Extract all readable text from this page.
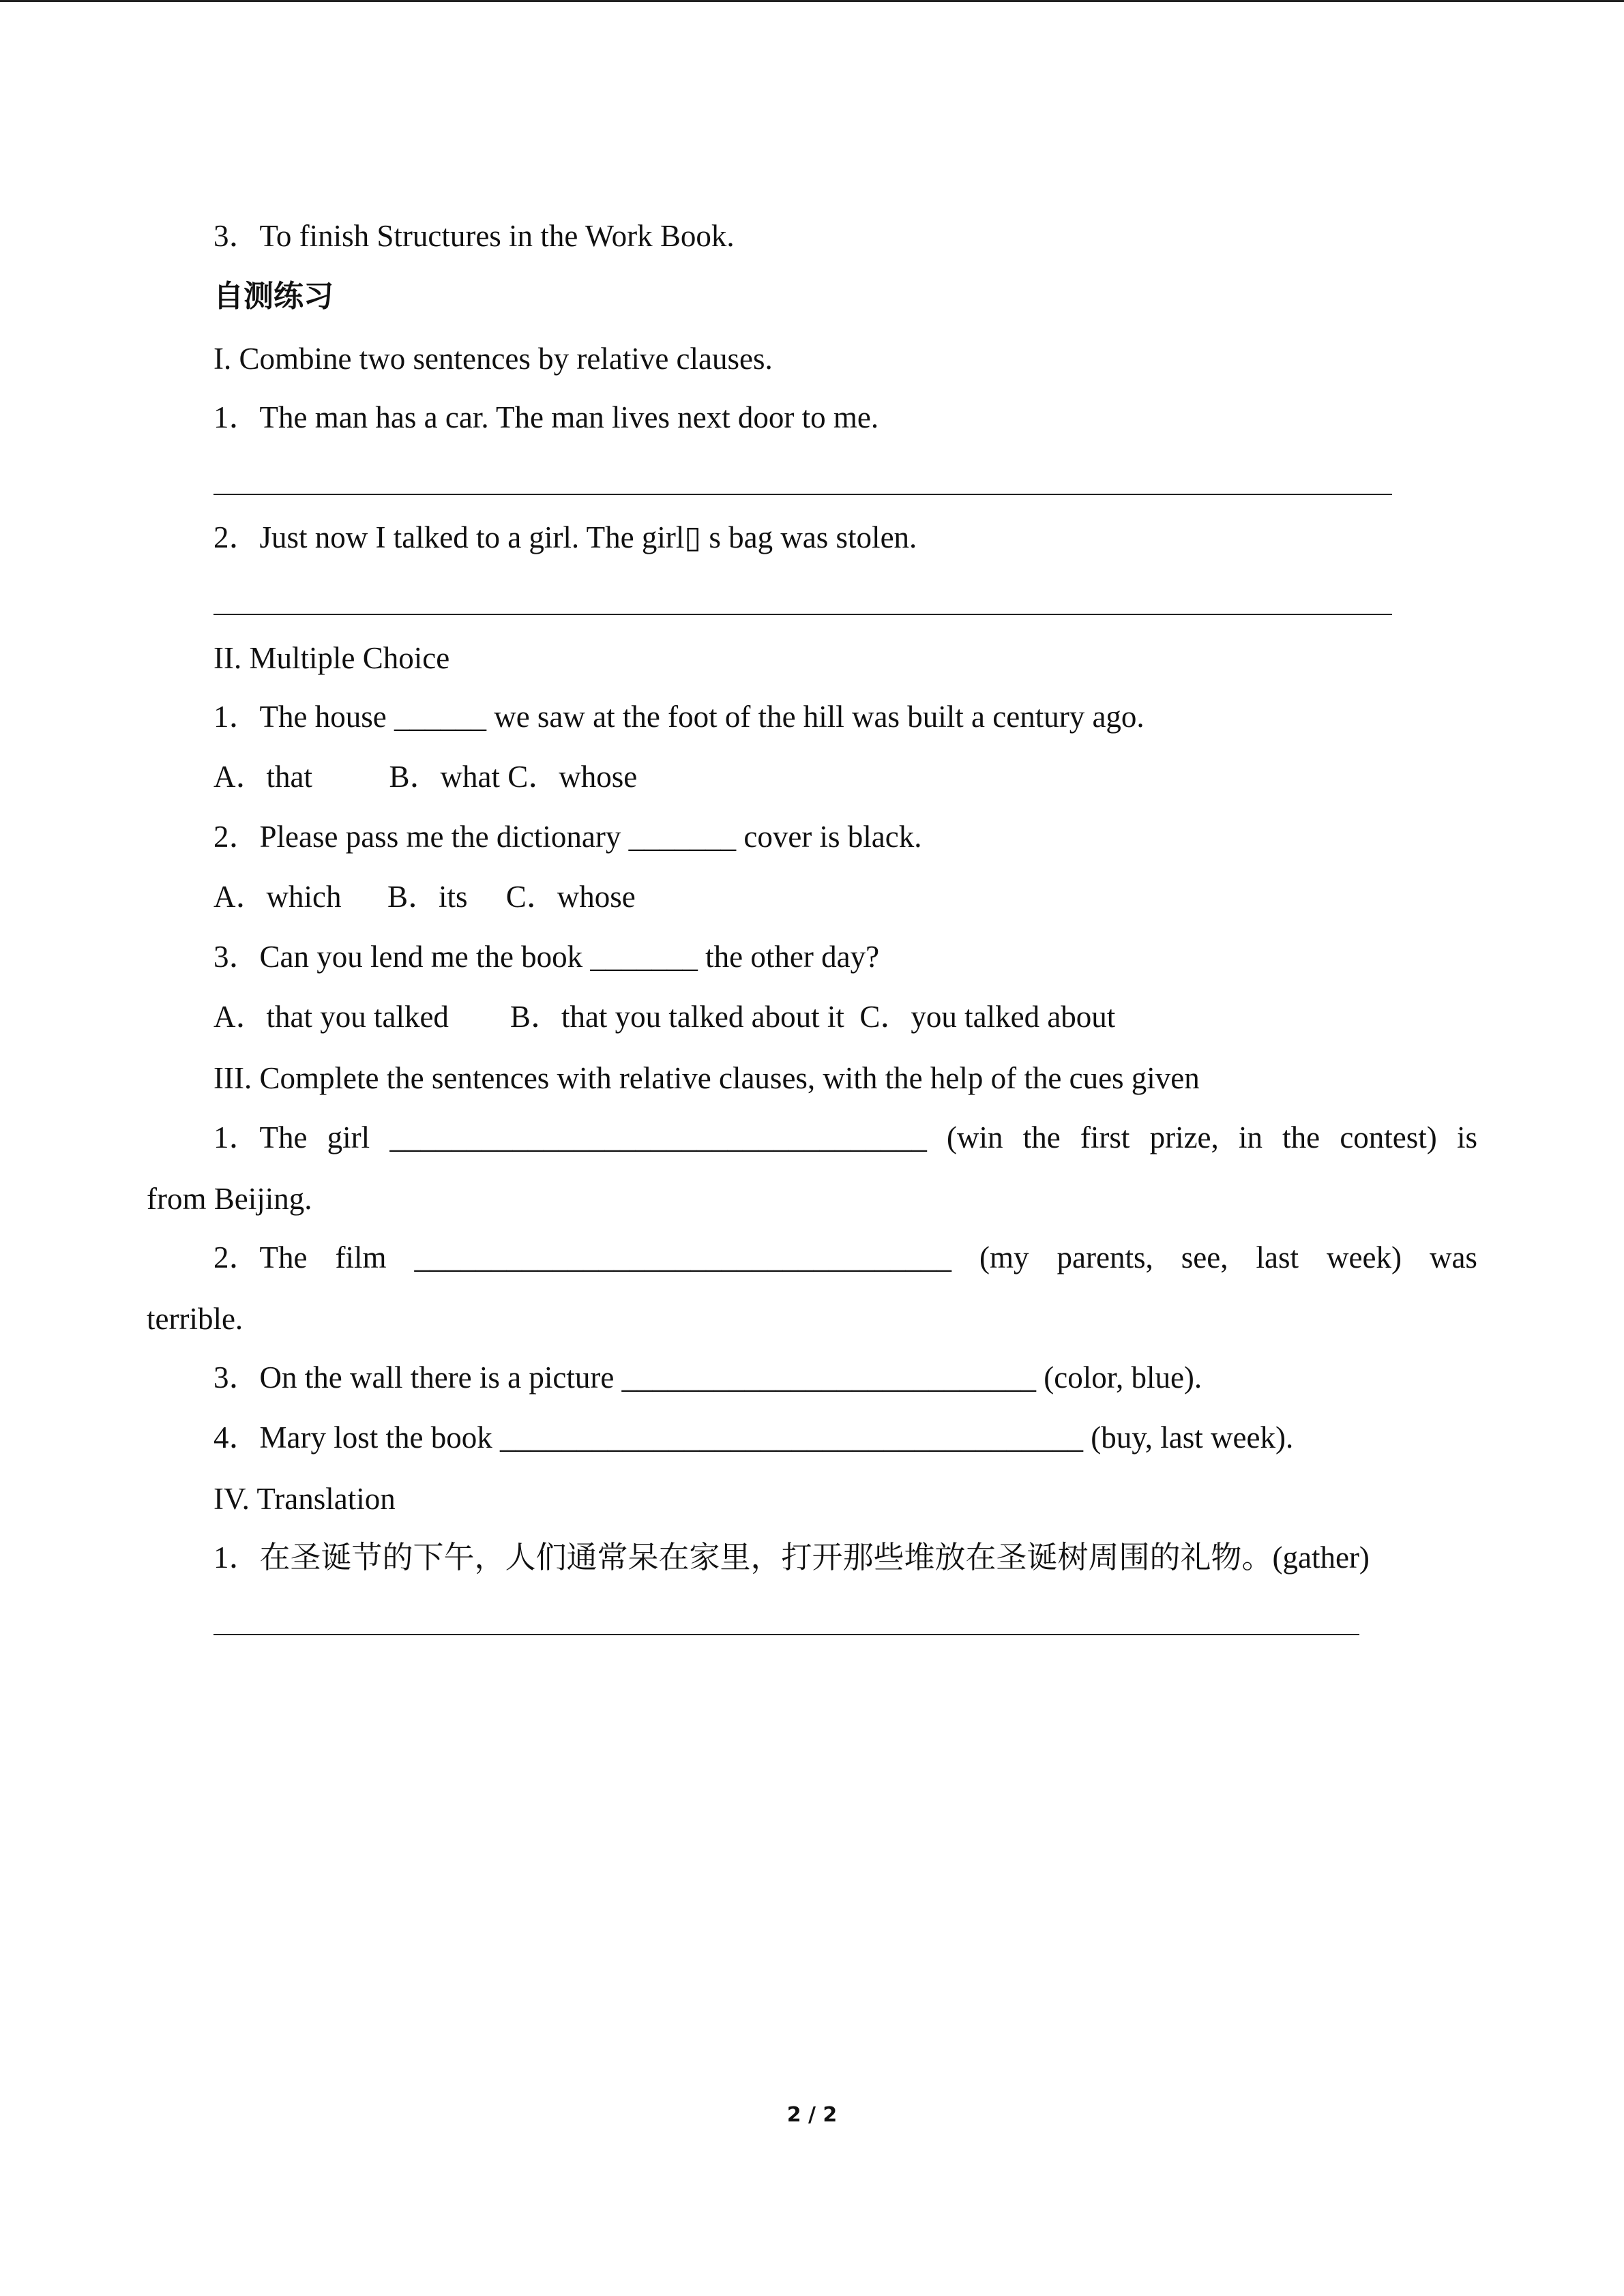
3．To finish Structures in the Work Book.
自测练习
I. Combine two sentences by relative clauses.
1．The man has a car. The man lives next door to me.
2．Just now I talked to a girl. The girl▯ s bag was stolen.
II. Multiple Choice
1．The house ______ we saw at the foot of the hill was built a century ago.
A．that          B．what C．whose
2．Please pass me the dictionary _______ cover is black.
A．which      B．its     C．whose
3．Can you lend me the book _______ the other day?
A．that you talked        B．that you talked about it  C．you talked about
III. Complete the sentences with relative clauses, with the help of the cues given
1．The girl ___________________________________ (win the first prize, in the contest) is
from Beijing.
2．The film ___________________________________ (my parents, see, last week) was
terrible.
3．On the wall there is a picture ___________________________ (color, blue).
4．Mary lost the book ______________________________________ (buy, last week).
IV. Translation
1．在圣诞节的下午，人们通常呆在家里，打开那些堆放在圣诞树周围的礼物。(gather)
2 / 2
